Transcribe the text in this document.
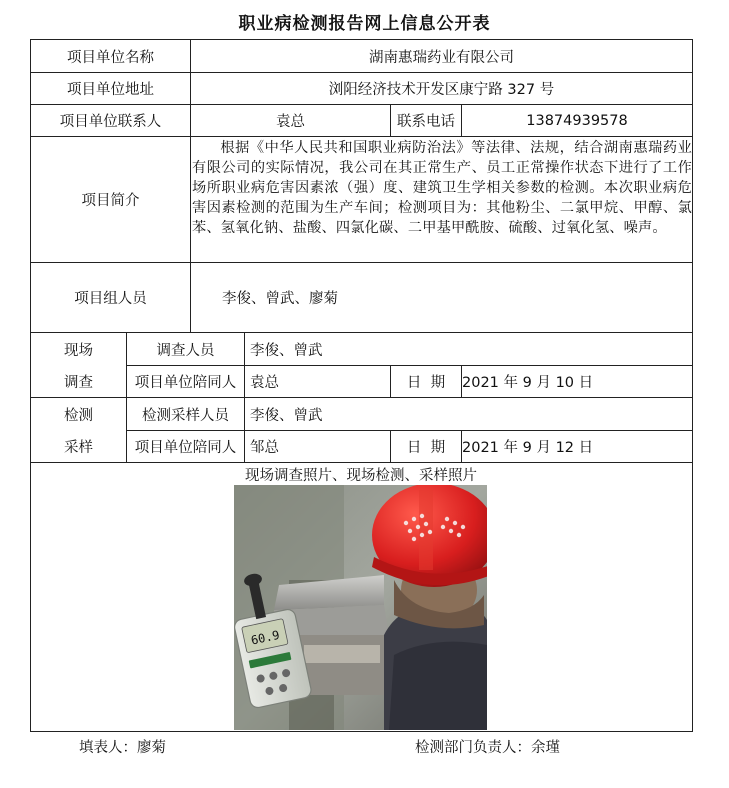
职业病检测报告网上信息公开表
项目单位名称	湖南惠瑞药业有限公司
项目单位地址	浏阳经济技术开发区康宁路 327 号
项目单位联系人	袁总	联系电话	13874939578
项目简介
根据《中华人民共和国职业病防治法》等法律、法规，结合湖南惠瑞药业有限公司的实际情况，我公司在其正常生产、员工正常操作状态下进行了工作场所职业病危害因素浓（强）度、建筑卫生学相关参数的检测。本次职业病危害因素检测的范围为生产车间；检测项目为：其他粉尘、二氯甲烷、甲醇、氯苯、氢氧化钠、盐酸、四氯化碳、二甲基甲酰胺、硫酸、过氧化氢、噪声。
项目组人员	李俊、曾武、廖菊
现场
调查
调查人员	李俊、曾武
项目单位陪同人 袁总	日  期	2021 年 9 月 10 日
检测
采样
检测采样人员	李俊、曾武
项目单位陪同人 邹总	日  期	2021 年 9 月 12 日
现场调查照片、现场检测、采样照片
60.9
填表人：廖菊	检测部门负责人：余瑾
